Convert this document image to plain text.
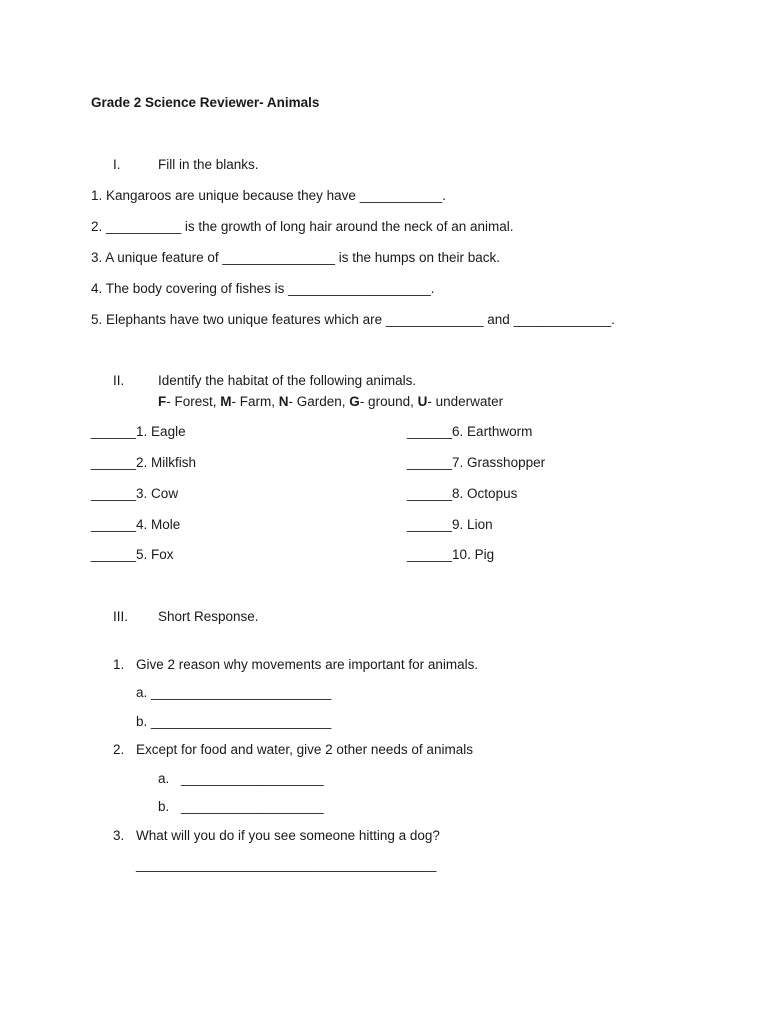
Grade 2 Science Reviewer- Animals
I.	Fill in the blanks.
1. Kangaroos are unique because they have ___________.
2. __________ is the growth of long hair around the neck of an animal.
3. A unique feature of _______________ is the humps on their back.
4. The body covering of fishes is ___________________.
5. Elephants have two unique features which are _____________ and _____________.
II. Identify the habitat of the following animals.
F- Forest, M- Farm, N- Garden, G- ground, U- underwater
______1. Eagle
______2. Milkfish
______3. Cow
______4. Mole
______5. Fox
______6. Earthworm
______7. Grasshopper
______8. Octopus
______9. Lion
______10. Pig
III. Short Response.
1. Give 2 reason why movements are important for animals.
a. ________________________
b. ________________________
2. Except for food and water, give 2 other needs of animals
a. ___________________
b. ___________________
3. What will you do if you see someone hitting a dog?
________________________________________
